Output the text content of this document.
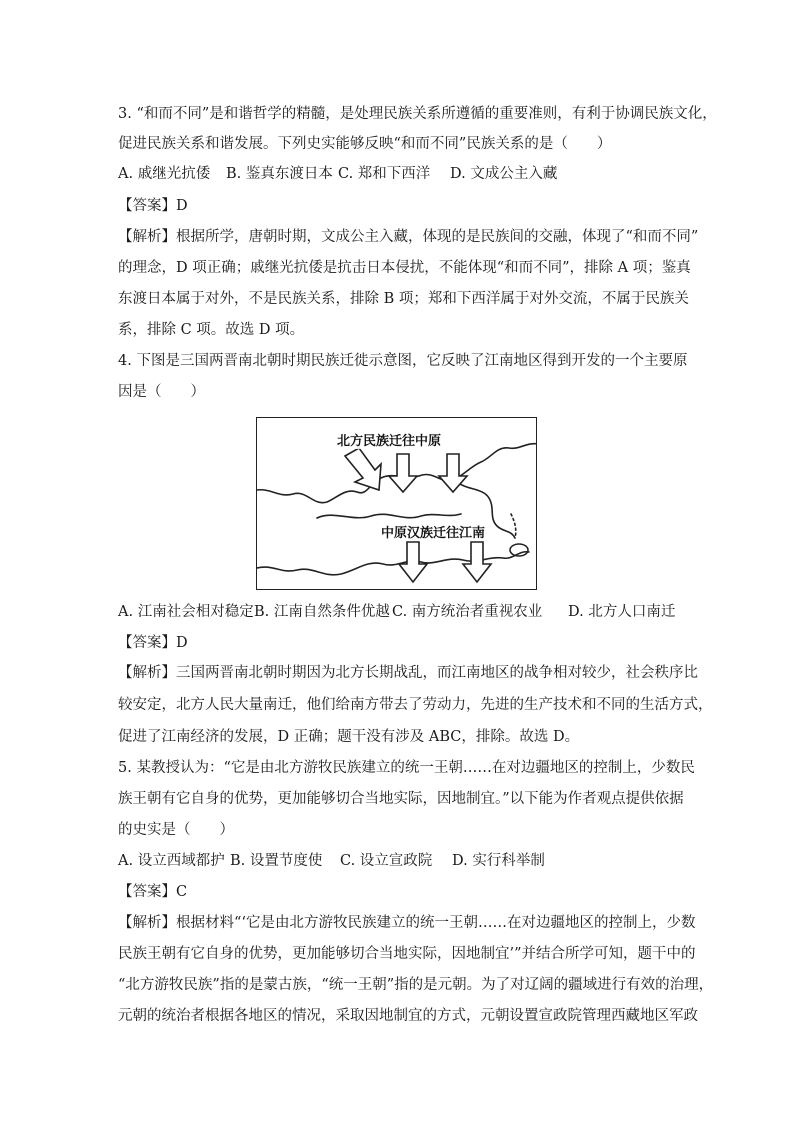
3. “和而不同”是和谐哲学的精髓，是处理民族关系所遵循的重要准则，有利于协调民族文化，
促进民族关系和谐发展。下列史实能够反映“和而不同”民族关系的是（　　）
A. 戚继光抗倭 B. 鉴真东渡日本 C. 郑和下西洋 D. 文成公主入藏
【答案】D
【解析】根据所学，唐朝时期，文成公主入藏，体现的是民族间的交融，体现了“和而不同”
的理念，D 项正确；戚继光抗倭是抗击日本侵扰，不能体现“和而不同”，排除 A 项；鉴真
东渡日本属于对外，不是民族关系，排除 B 项；郑和下西洋属于对外交流，不属于民族关
系，排除 C 项。故选 D 项。
4. 下图是三国两晋南北朝时期民族迁徙示意图，它反映了江南地区得到开发的一个主要原
因是（　　）
北方民族迁往中原
中原汉族迁往江南
A. 江南社会相对稳定B. 江南自然条件优越 C. 南方统治者重视农业 D. 北方人口南迁
【答案】D
【解析】三国两晋南北朝时期因为北方长期战乱，而江南地区的战争相对较少，社会秩序比
较安定，北方人民大量南迁，他们给南方带去了劳动力，先进的生产技术和不同的生活方式，
促进了江南经济的发展，D 正确；题干没有涉及 ABC，排除。故选 D。
5. 某教授认为：“它是由北方游牧民族建立的统一王朝……在对边疆地区的控制上，少数民
族王朝有它自身的优势，更加能够切合当地实际，因地制宜。”以下能为作者观点提供依据
的史实是（　　）
A. 设立西域都护 B. 设置节度使 C. 设立宣政院 D. 实行科举制
【答案】C
【解析】根据材料“‘它是由北方游牧民族建立的统一王朝……在对边疆地区的控制上，少数
民族王朝有它自身的优势，更加能够切合当地实际，因地制宜’”并结合所学可知，题干中的
“北方游牧民族”指的是蒙古族，“统一王朝”指的是元朝。为了对辽阔的疆域进行有效的治理，
元朝的统治者根据各地区的情况，采取因地制宜的方式，元朝设置宣政院管理西藏地区军政
